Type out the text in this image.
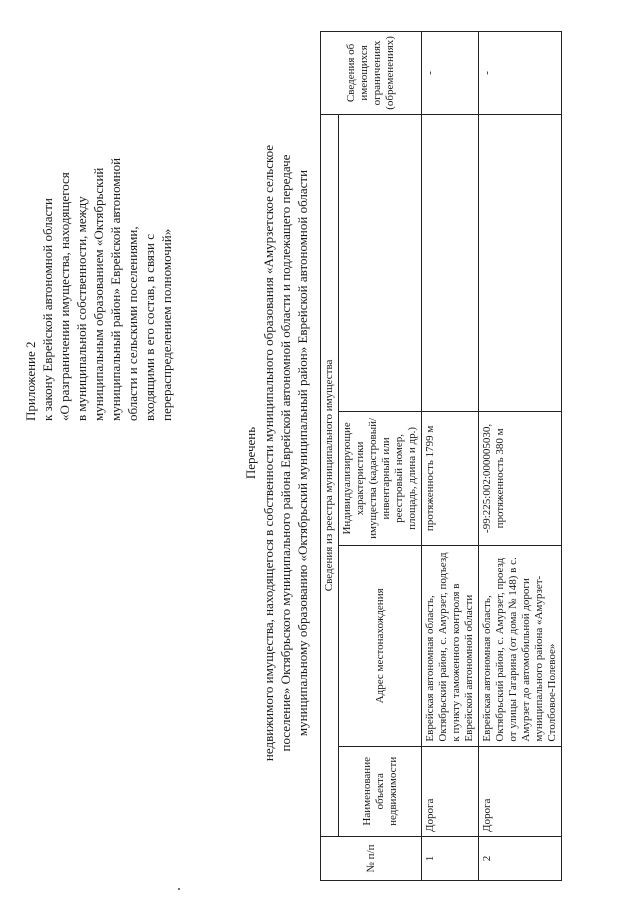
Приложение 2 к закону Еврейской автономной области «О разграничении имущества, находящегося в муниципальной собственности, между муниципальным образованием «Октябрьский муниципальный район» Еврейской автономной области и сельскими поселениями, входящими в его состав, в связи с перераспределением полномочий»
Перечень недвижимого имущества, находящегося в собственности муниципального образования «Амурзетское сельское поселение» Октябрьского муниципального района Еврейской автономной области и подлежащего передаче муниципальному образованию «Октябрьский муниципальный район» Еврейской автономной области
№ п/п	Сведения из реестра муниципального имущества				Сведения об имеющихся ограничениях (обременениях)
	Наименование объекта недвижимости	Адрес местонахождения	Индивидуализирующие характеристики имущества (кадастровый/инвентарный или реестровый номер, площадь, длина и др.)		
1	Дорога	Еврейская автономная область, Октябрьский район, с. Амурзет, подъезд к пункту таможенного контроля в Еврейской автономной области	протяженность 1799 м		-
2	Дорога	Еврейская автономная область, Октябрьский район, с. Амурзет, проезд от улицы Гагарина (от дома № 148) в с. Амурзет до автомобильной дороги муниципального района «Амурзет-Столбовое-Полевое»	-99:225:002:000005030, протяженность 380 м		-
